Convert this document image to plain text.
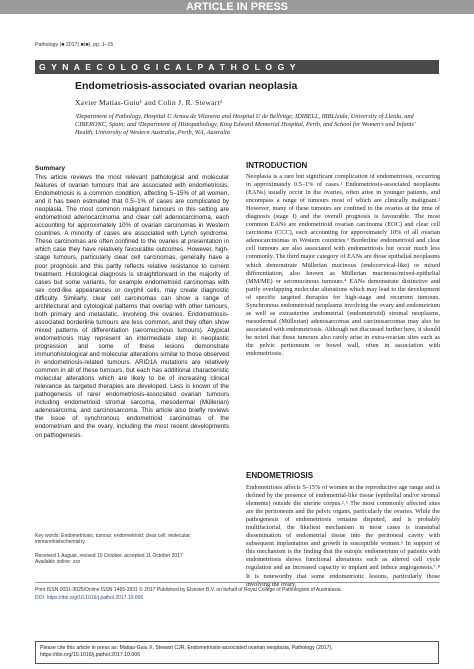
ARTICLE IN PRESS
Pathology (■ 2017) ■(■), pp. 1–15
G Y N A E C O L O G I C A L P A T H O L O G Y
Endometriosis-associated ovarian neoplasia
Xavier Matias-Guiu¹ and Colin J. R. Stewart²
¹Department of Pathology, Hospital U Arnau de Vilanova and Hospital U de Bellvitge, IDIBELL, IRBLleida, University of Lleida, and CIBERONC, Spain; and ²Department of Histopathology, King Edward Memorial Hospital, Perth, and School for Women's and Infants' Health, University of Western Australia, Perth, WA, Australia
Summary
This article reviews the most relevant pathological and molecular features of ovarian tumours that are associated with endometriosis. Endometriosis is a common condition, affecting 5–15% of all women, and it has been estimated that 0.5–1% of cases are complicated by neoplasia. The most common malignant tumours in this setting are endometrioid adenocarcinoma and clear cell adenocarcinoma, each accounting for approximately 10% of ovarian carcinomas in Western countries. A minority of cases are associated with Lynch syndrome. These carcinomas are often confined to the ovaries at presentation in which case they have relatively favourable outcomes. However, high-stage tumours, particularly clear cell carcinomas, generally have a poor prognosis and this partly reflects relative resistance to current treatment. Histological diagnosis is straightforward in the majority of cases but some variants, for example endometrioid carcinomas with sex cord-like appearances or oxyphil cells, may create diagnostic difficulty. Similarly, clear cell carcinomas can show a range of architectural and cytological patterns that overlap with other tumours, both primary and metastatic, involving the ovaries. Endometriosis-associated borderline tumours are less common, and they often show mixed patterns of differentiation (seromucinous tumours). Atypical endometriosis may represent an intermediate step in neoplastic progression and some of these lesions demonstrate immunohistological and molecular alterations similar to those observed in endometriosis-related tumours. ARID1A mutations are relatively common in all of these tumours, but each has additional characteristic molecular alterations which are likely to be of increasing clinical relevance as targeted therapies are developed. Less is known of the pathogenesis of rarer endometriosis-associated ovarian tumours including endometrioid stromal sarcoma, mesodermal (Müllerian) adenosarcoma, and carcinosarcoma. This article also briefly reviews the issue of synchronous endometrioid carcinomas of the endometrium and the ovary, including the most recent developments on pathogenesis.
Key words: Endometriosis; tumour; endometrioid; clear cell; molecular; immunohistochemistry.
Received 1 August, revised 10 October, accepted 11 October 2017
Available online: xxx
INTRODUCTION
Neoplasia is a rare but significant complication of endometriosis, occurring in approximately 0.5–1% of cases.¹ Endometriosis-associated neoplasms (EANs) usually occur in the ovaries, often arise in younger patients, and encompass a range of tumours most of which are clinically malignant.² However, many of these tumours are confined to the ovaries at the time of diagnosis (stage I) and the overall prognosis is favourable. The most common EANs are endometrioid ovarian carcinoma (EOC) and clear cell carcinoma (CCC), each accounting for approximately 10% of all ovarian adenocarcinomas in Western countries.³ Borderline endometrioid and clear cell tumours are also associated with endometriosis but occur much less commonly. The third major category of EANs are those epithelial neoplasms which demonstrate Müllerian mucinous (endocervical-like) or mixed differentiation, also known as Müllerian mucinous/mixed-epithelial (MM/ME) or seromucinous tumours.⁴ EANs demonstrate distinctive and partly overlapping molecular alterations which may lead to the development of specific targeted therapies for high-stage and recurrent tumours. Synchronous endometrioid neoplasms involving the ovary and endometrium as well as extrauterine endometrial (endometrioid) stromal neoplasms, mesodermal (Müllerian) adenosarcomas and carcinosarcomas may also be associated with endometriosis. Although not discussed further here, it should be noted that these tumours also rarely arise in extra-ovarian sites such as the pelvic peritoneum or bowel wall, often in association with endometriosis.
ENDOMETRIOSIS
Endometriosis affects 5–15% of women in the reproductive age range and is defined by the presence of endometrial-like tissue (epithelial and/or stromal elements) outside the uterine corpus.²˒⁵ The most commonly affected sites are the peritoneum and the pelvic organs, particularly the ovaries. While the pathogenesis of endometriosis remains disputed, and is probably multifactorial, the likeliest mechanism in most cases is transtubal dissemination of endometrial tissue into the peritoneal cavity with subsequent implantation and growth in susceptible women.⁶ In support of this mechanism is the finding that the eutopic endometrium of patients with endometriosis shows functional alterations such as altered cell cycle regulation and an increased capacity to implant and induce angiogenesis.⁷˒⁸ It is noteworthy that some endometriotic lesions, particularly those involving the ovary,
Print ISSN 0031-3025/Online ISSN 1465-3931 © 2017 Published by Elsevier B.V. on behalf of Royal College of Pathologists of Australasia.
DOI: https://doi.org/10.1016/j.pathol.2017.10.006
Please cite this article in press as: Matias-Guiu X, Stewart CJR, Endometriosis-associated ovarian neoplasia, Pathology (2017), https://doi.org/10.1016/j.pathol.2017.10.006
